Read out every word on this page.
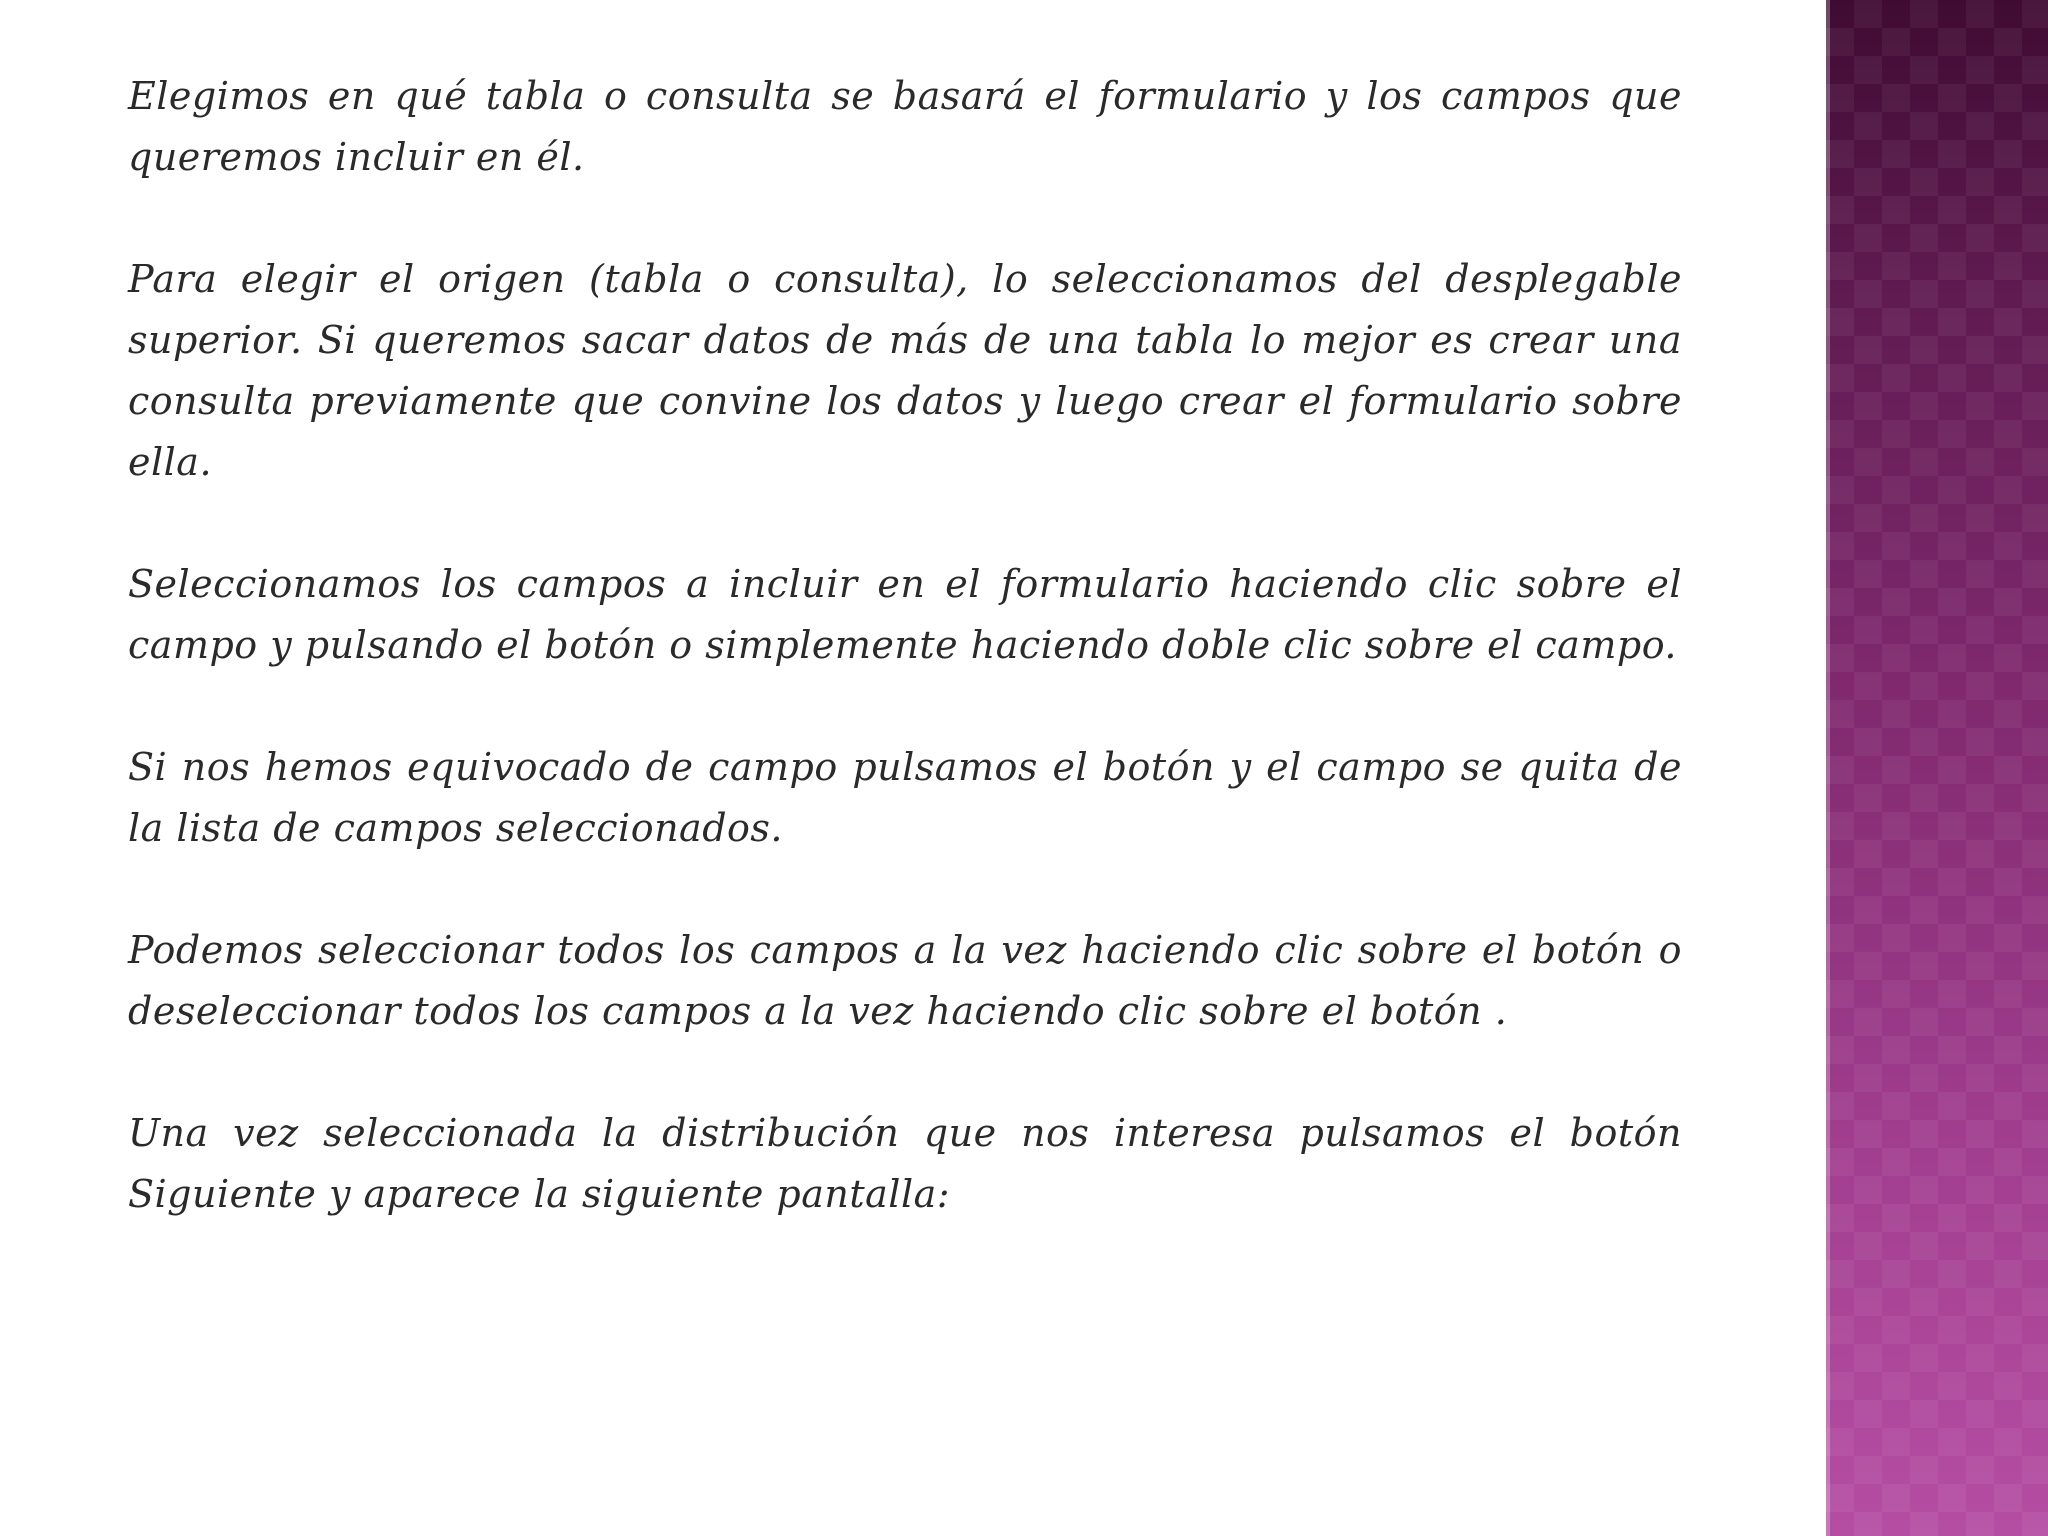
Elegimos en qué tabla o consulta se basará el formulario y los campos que queremos incluir en él.

Para elegir el origen (tabla o consulta), lo seleccionamos del desplegable superior. Si queremos sacar datos de más de una tabla lo mejor es crear una consulta previamente que convine los datos y luego crear el formulario sobre ella.

Seleccionamos los campos a incluir en el formulario haciendo clic sobre el campo y pulsando el botón o simplemente haciendo doble clic sobre el campo.

Si nos hemos equivocado de campo pulsamos el botón y el campo se quita de la lista de campos seleccionados.

Podemos seleccionar todos los campos a la vez haciendo clic sobre el botón o deseleccionar todos los campos a la vez haciendo clic sobre el botón .

Una vez seleccionada la distribución que nos interesa pulsamos el botón Siguiente y aparece la siguiente pantalla:
